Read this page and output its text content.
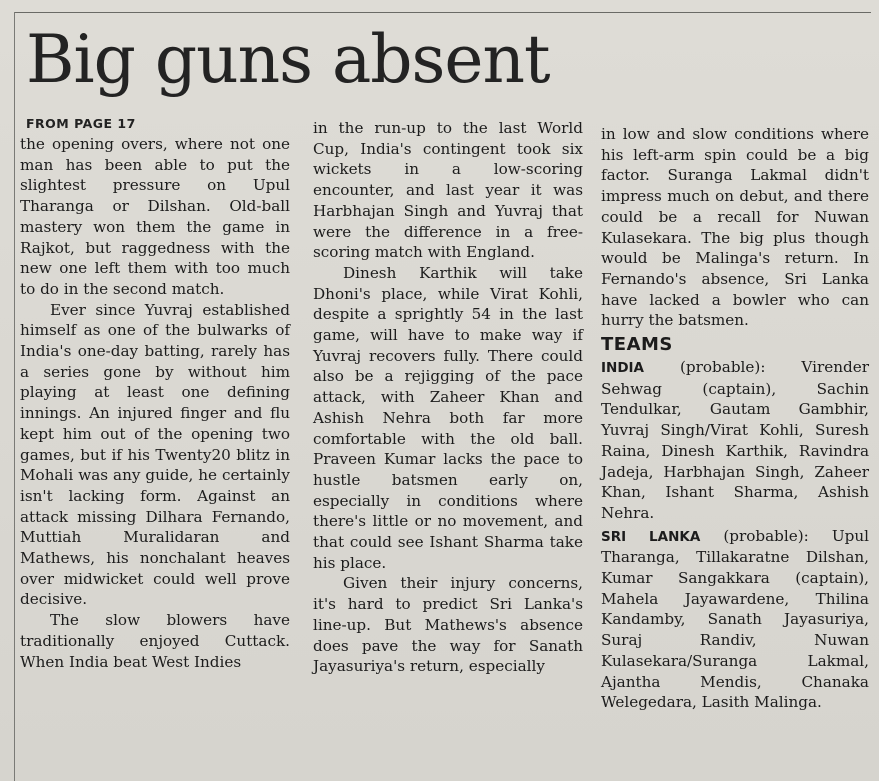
Big guns absent
FROM PAGE 17

the opening overs, where not one man has been able to put the slightest pressure on Upul Tharanga or Dilshan. Old-ball mastery won them the game in Rajkot, but raggedness with the new one left them with too much to do in the second match.

Ever since Yuvraj established himself as one of the bulwarks of India's one-day batting, rarely has a series gone by without him playing at least one defining innings. An injured finger and flu kept him out of the opening two games, but if his Twenty20 blitz in Mohali was any guide, he certainly isn't lacking form. Against an attack missing Dilhara Fernando, Muttiah Muralidaran and Mathews, his nonchalant heaves over midwicket could well prove decisive.

The slow blowers have traditionally enjoyed Cuttack. When India beat West Indies

in the run-up to the last World Cup, India's contingent took six wickets in a low-scoring encounter, and last year it was Harbhajan Singh and Yuvraj that were the difference in a free-scoring match with England.

Dinesh Karthik will take Dhoni's place, while Virat Kohli, despite a sprightly 54 in the last game, will have to make way if Yuvraj recovers fully. There could also be a rejigging of the pace attack, with Zaheer Khan and Ashish Nehra both far more comfortable with the old ball. Praveen Kumar lacks the pace to hustle batsmen early on, especially in conditions where there's little or no movement, and that could see Ishant Sharma take his place.

Given their injury concerns, it's hard to predict Sri Lanka's line-up. But Mathews's absence does pave the way for Sanath Jayasuriya's return, especially

in low and slow conditions where his left-arm spin could be a big factor. Suranga Lakmal didn't impress much on debut, and there could be a recall for Nuwan Kulasekara. The big plus though would be Malinga's return. In Fernando's absence, Sri Lanka have lacked a bowler who can hurry the batsmen.

TEAMS

INDIA (probable): Virender Sehwag (captain), Sachin Tendulkar, Gautam Gambhir, Yuvraj Singh/Virat Kohli, Suresh Raina, Dinesh Karthik, Ravindra Jadeja, Harbhajan Singh, Zaheer Khan, Ishant Sharma, Ashish Nehra.

SRI LANKA (probable): Upul Tharanga, Tillakaratne Dilshan, Kumar Sangakkara (captain), Mahela Jayawardene, Thilina Kandamby, Sanath Jayasuriya, Suraj Randiv, Nuwan Kulasekara/Suranga Lakmal, Ajantha Mendis, Chanaka Welegedara, Lasith Malinga.
